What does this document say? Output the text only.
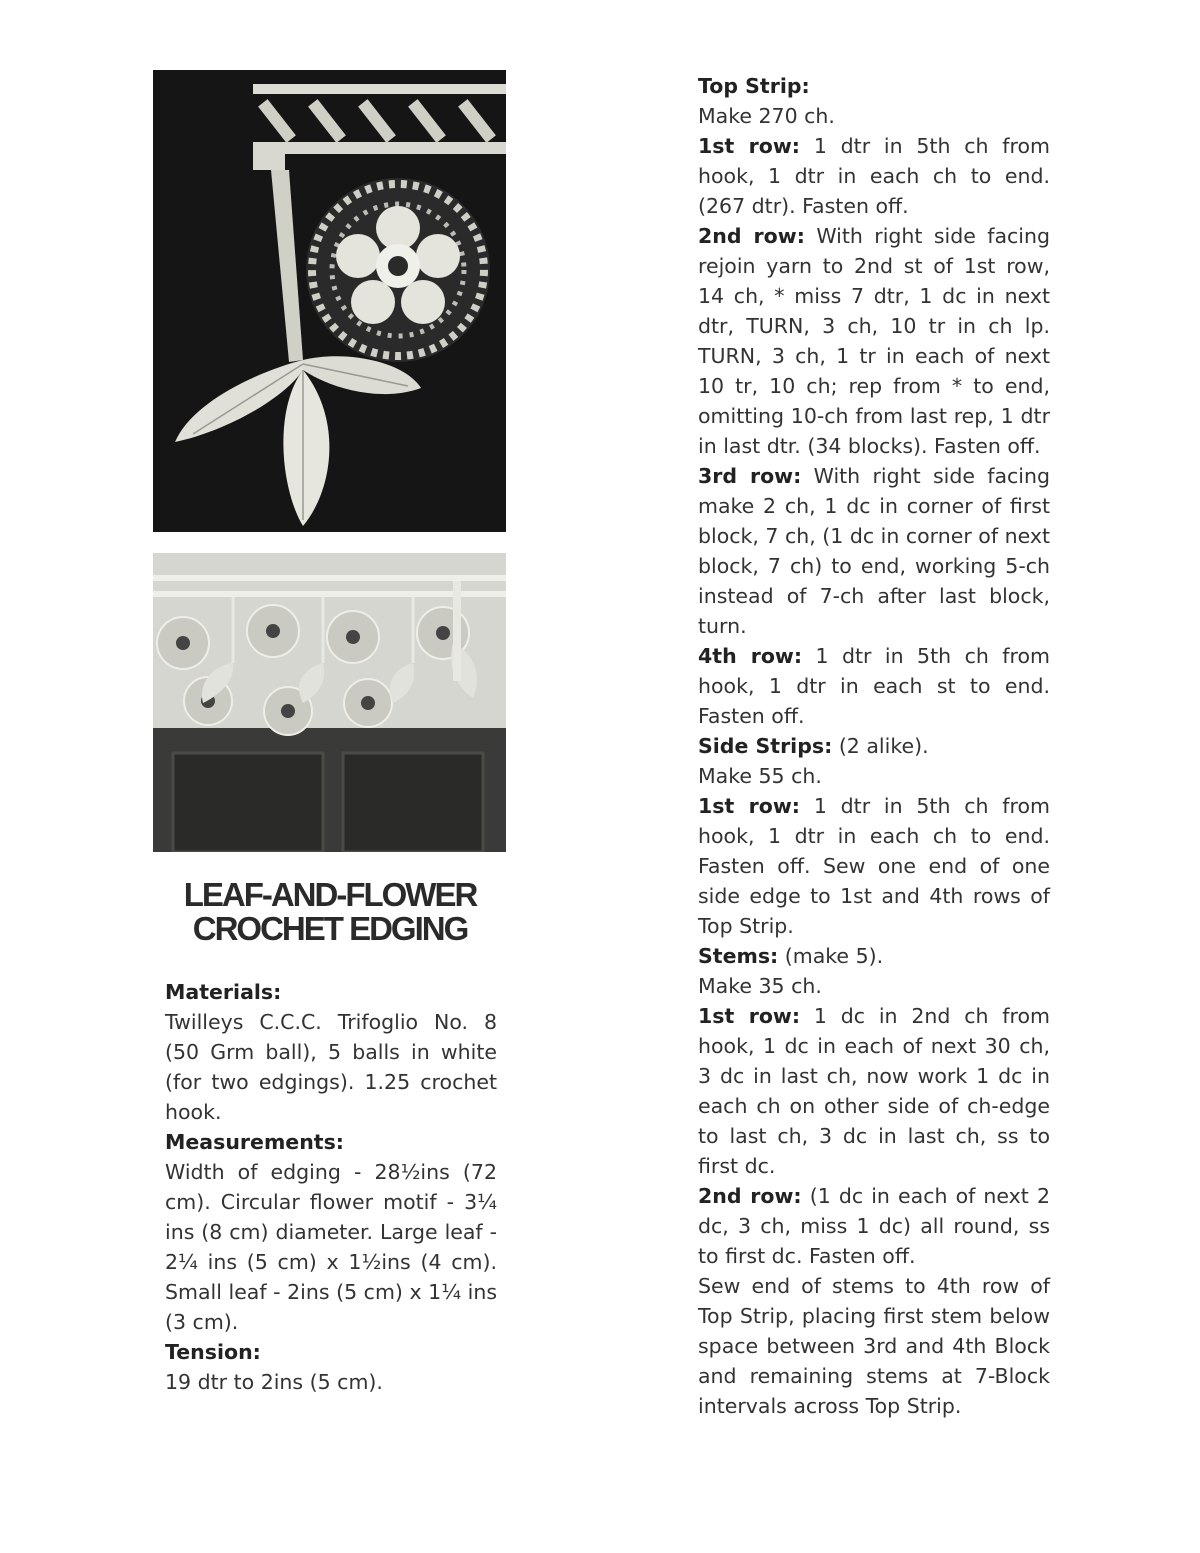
LEAF-AND-FLOWER
CROCHET EDGING
Materials:
Twilleys C.C.C. Trifoglio No. 8 (50 Grm ball), 5 balls in white (for two edgings). 1.25 crochet hook.
Measurements:
Width of edging - 28½ins (72 cm). Circular flower motif - 3¼ ins (8 cm) diameter. Large leaf - 2¼ ins (5 cm) x 1½ins (4 cm). Small leaf - 2ins (5 cm) x 1¼ ins (3 cm).
Tension:
19 dtr to 2ins (5 cm).
Top Strip:
Make 270 ch.
1st row: 1 dtr in 5th ch from hook, 1 dtr in each ch to end. (267 dtr). Fasten off.
2nd row: With right side facing rejoin yarn to 2nd st of 1st row, 14 ch, * miss 7 dtr, 1 dc in next dtr, TURN, 3 ch, 10 tr in ch lp. TURN, 3 ch, 1 tr in each of next 10 tr, 10 ch; rep from * to end, omitting 10-ch from last rep, 1 dtr in last dtr. (34 blocks). Fasten off.
3rd row: With right side facing make 2 ch, 1 dc in corner of first block, 7 ch, (1 dc in corner of next block, 7 ch) to end, working 5-ch instead of 7-ch after last block, turn.
4th row: 1 dtr in 5th ch from hook, 1 dtr in each st to end. Fasten off.
Side Strips: (2 alike).
Make 55 ch.
1st row: 1 dtr in 5th ch from hook, 1 dtr in each ch to end. Fasten off. Sew one end of one side edge to 1st and 4th rows of Top Strip.
Stems: (make 5).
Make 35 ch.
1st row: 1 dc in 2nd ch from hook, 1 dc in each of next 30 ch, 3 dc in last ch, now work 1 dc in each ch on other side of ch-edge to last ch, 3 dc in last ch, ss to first dc.
2nd row: (1 dc in each of next 2 dc, 3 ch, miss 1 dc) all round, ss to first dc. Fasten off.
Sew end of stems to 4th row of Top Strip, placing first stem below space between 3rd and 4th Block and remaining stems at 7-Block intervals across Top Strip.
